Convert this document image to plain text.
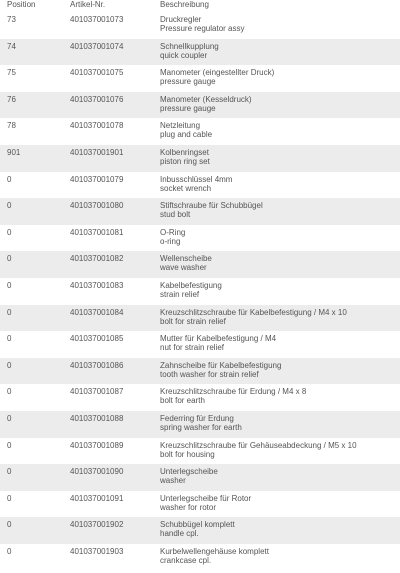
Position	Artikel-Nr.	Beschreibung
73	401037001073	Druckregler
Pressure regulator assy
74	401037001074	Schnellkupplung
quick coupler
75	401037001075	Manometer (eingestellter Druck)
pressure gauge
76	401037001076	Manometer (Kesseldruck)
pressure gauge
78	401037001078	Netzleitung
plug and cable
901	401037001901	Kolbenringset
piston ring set
0	401037001079	Inbusschlüssel 4mm
socket wrench
0	401037001080	Stiftschraube für Schubbügel
stud bolt
0	401037001081	O-Ring
o-ring
0	401037001082	Wellenscheibe
wave washer
0	401037001083	Kabelbefestigung
strain relief
0	401037001084	Kreuzschlitzschraube für Kabelbefestigung / M4 x 10
bolt for strain relief
0	401037001085	Mutter für Kabelbefestigung / M4
nut for strain relief
0	401037001086	Zahnscheibe für Kabelbefestigung
tooth washer for strain relief
0	401037001087	Kreuzschlitzschraube für Erdung / M4 x 8
bolt for earth
0	401037001088	Federring für Erdung
spring washer for earth
0	401037001089	Kreuzschlitzschraube für Gehäuseabdeckung / M5 x 10
bolt for housing
0	401037001090	Unterlegscheibe
washer
0	401037001091	Unterlegscheibe für Rotor
washer for rotor
0	401037001902	Schubbügel komplett
handle cpl.
0	401037001903	Kurbelwellengehäuse komplett
crankcase cpl.
